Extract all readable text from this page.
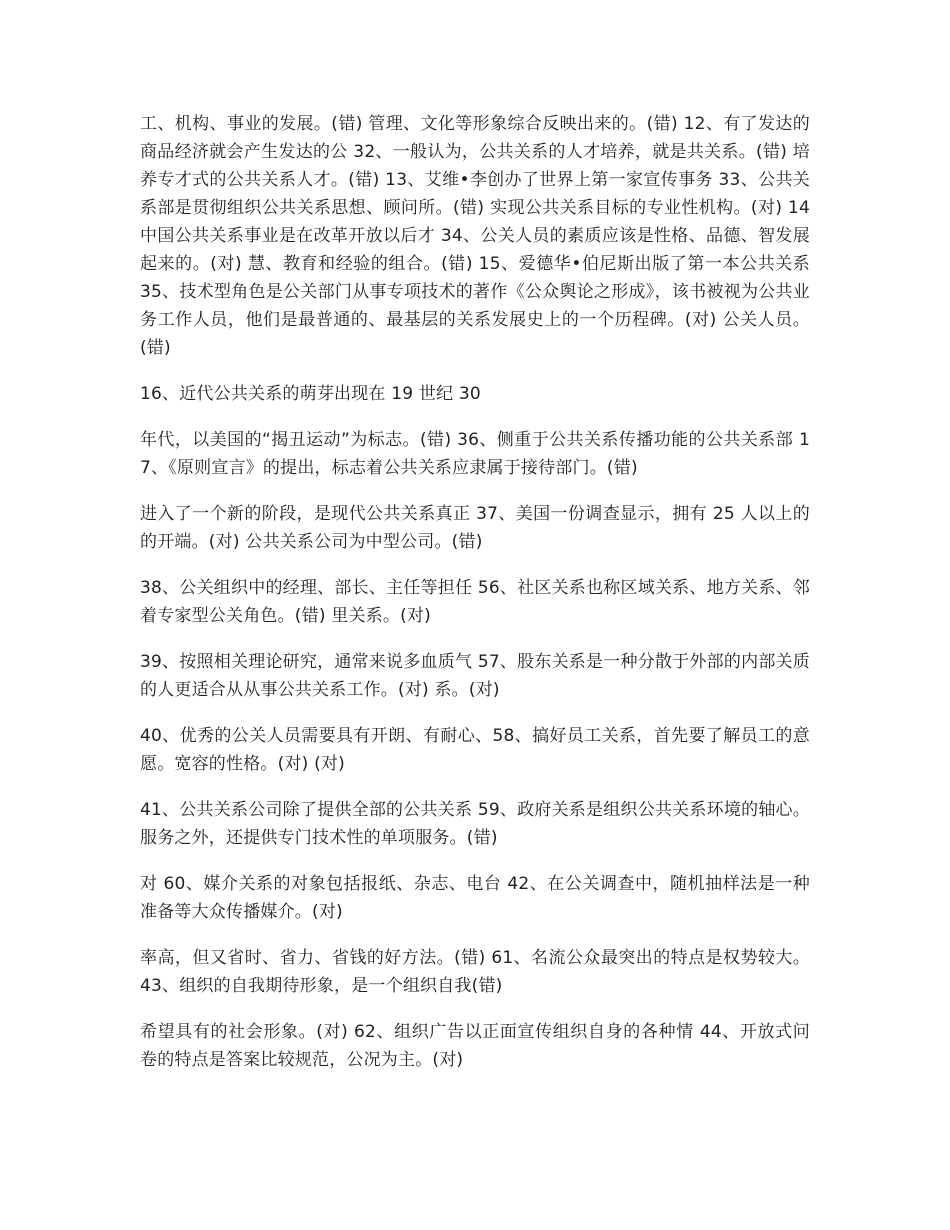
工、机构、事业的发展。(错) 管理、文化等形象综合反映出来的。(错) 12、有了发达的商品经济就会产生发达的公 32、一般认为，公共关系的人才培养，就是共关系。(错) 培养专才式的公共关系人才。(错) 13、艾维•李创办了世界上第一家宣传事务 33、公共关系部是贯彻组织公共关系思想、顾问所。(错) 实现公共关系目标的专业性机构。(对) 14 中国公共关系事业是在改革开放以后才 34、公关人员的素质应该是性格、品德、智发展起来的。(对) 慧、教育和经验的组合。(错) 15、爱德华•伯尼斯出版了第一本公共关系 35、技术型角色是公关部门从事专项技术的著作《公众舆论之形成》，该书被视为公共业务工作人员，他们是最普通的、最基层的关系发展史上的一个历程碑。(对) 公关人员。(错)

16、近代公共关系的萌芽出现在 19 世纪 30

年代，以美国的“揭丑运动”为标志。(错) 36、侧重于公共关系传播功能的公共关系部 17、《原则宣言》的提出，标志着公共关系应隶属于接待部门。(错)

进入了一个新的阶段，是现代公共关系真正 37、美国一份调查显示，拥有 25 人以上的的开端。(对) 公共关系公司为中型公司。(错)

38、公关组织中的经理、部长、主任等担任 56、社区关系也称区域关系、地方关系、邻着专家型公关角色。(错) 里关系。(对)

39、按照相关理论研究，通常来说多血质气 57、股东关系是一种分散于外部的内部关质的人更适合从从事公共关系工作。(对) 系。(对)

40、优秀的公关人员需要具有开朗、有耐心、58、搞好员工关系，首先要了解员工的意愿。宽容的性格。(对) (对)

41、公共关系公司除了提供全部的公共关系 59、政府关系是组织公共关系环境的轴心。服务之外，还提供专门技术性的单项服务。(错)

对 60、媒介关系的对象包括报纸、杂志、电台 42、在公关调查中，随机抽样法是一种准备等大众传播媒介。(对)

率高，但又省时、省力、省钱的好方法。(错) 61、名流公众最突出的特点是权势较大。43、组织的自我期待形象，是一个组织自我(错)

希望具有的社会形象。(对) 62、组织广告以正面宣传组织自身的各种情 44、开放式问卷的特点是答案比较规范，公况为主。(对)
